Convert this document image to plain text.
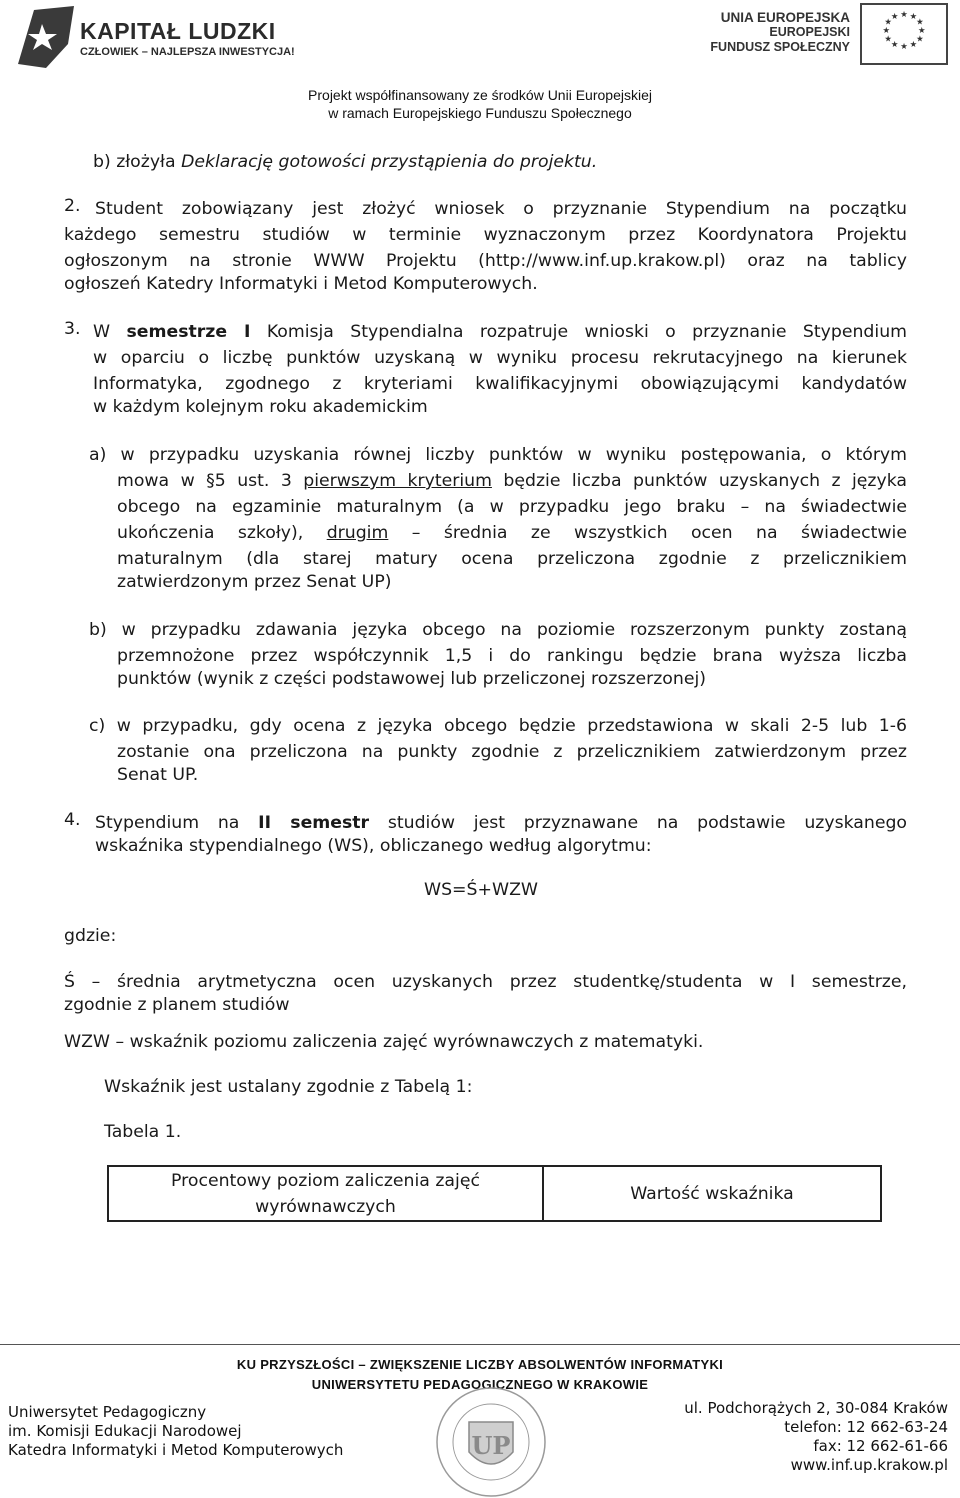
KAPITAŁ LUDZKI
CZŁOWIEK – NAJLEPSZA INWESTYCJA!
UNIA EUROPEJSKA
EUROPEJSKI
FUNDUSZ SPOŁECZNY
★ ★
★
★
★
★
★
★
★
★
★
★
Projekt współfinansowany ze środków Unii Europejskiej
w ramach Europejskiego Funduszu Społecznego
b) złożyła Deklarację gotowości przystąpienia do projektu.
2. Student zobowiązany jest złożyć wniosek o przyznanie Stypendium na początku
każdego semestru studiów w terminie wyznaczonym przez Koordynatora Projektu
ogłoszonym na stronie WWW Projektu (http://www.inf.up.krakow.pl) oraz na tablicy
ogłoszeń Katedry Informatyki i Metod Komputerowych.
3. W semestrze I Komisja Stypendialna rozpatruje wnioski o przyznanie Stypendium
w oparciu o liczbę punktów uzyskaną w wyniku procesu rekrutacyjnego na kierunek
Informatyka, zgodnego z kryteriami kwalifikacyjnymi obowiązującymi kandydatów
w każdym kolejnym roku akademickim
a) w przypadku uzyskania równej liczby punktów w wyniku postępowania, o którym
mowa w §5 ust. 3 pierwszym kryterium będzie liczba punktów uzyskanych z języka
obcego na egzaminie maturalnym (a w przypadku jego braku – na świadectwie
ukończenia szkoły), drugim – średnia ze wszystkich ocen na świadectwie
maturalnym (dla starej matury ocena przeliczona zgodnie z przelicznikiem
zatwierdzonym przez Senat UP)
b) w przypadku zdawania języka obcego na poziomie rozszerzonym punkty zostaną
przemnożone przez współczynnik 1,5 i do rankingu będzie brana wyższa liczba
punktów (wynik z części podstawowej lub przeliczonej rozszerzonej)
c) w przypadku, gdy ocena z języka obcego będzie przedstawiona w skali 2-5 lub 1-6
zostanie ona przeliczona na punkty zgodnie z przelicznikiem zatwierdzonym przez
Senat UP.
4. Stypendium na II semestr studiów jest przyznawane na podstawie uzyskanego
wskaźnika stypendialnego (WS), obliczanego według algorytmu:
WS=Ś+WZW
gdzie:
Ś – średnia arytmetyczna ocen uzyskanych przez studentkę/studenta w I semestrze,
zgodnie z planem studiów
WZW – wskaźnik poziomu zaliczenia zajęć wyrównawczych z matematyki.
Wskaźnik jest ustalany zgodnie z Tabelą 1:
Tabela 1.
Procentowy poziom zaliczenia zajęć wyrównawczych
Wartość wskaźnika
KU PRZYSZŁOŚCI – ZWIĘKSZENIE LICZBY ABSOLWENTÓW INFORMATYKI
UNIWERSYTETU PEDAGOGICZNEGO W KRAKOWIE
Uniwersytet Pedagogiczny
im. Komisji Edukacji Narodowej
Katedra Informatyki i Metod Komputerowych	UP
ul. Podchorążych 2, 30-084 Kraków
telefon: 12 662-63-24
fax: 12 662-61-66
www.inf.up.krakow.pl
